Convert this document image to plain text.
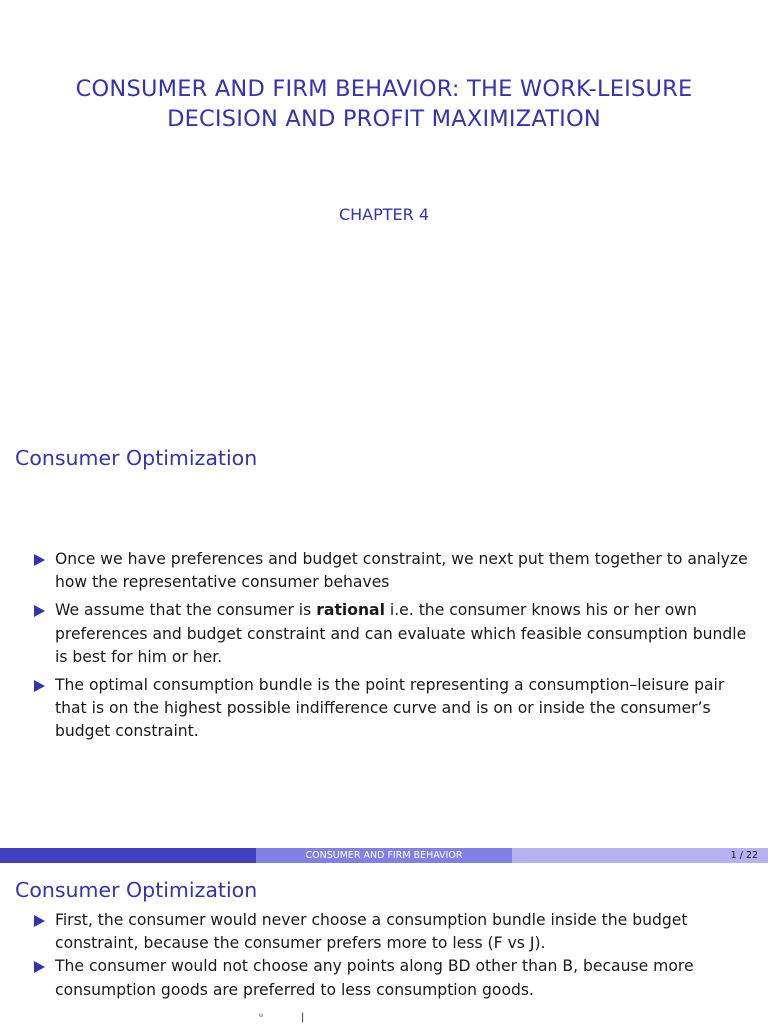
CONSUMER AND FIRM BEHAVIOR: THE WORK-LEISURE
DECISION AND PROFIT MAXIMIZATION
CHAPTER 4
Consumer Optimization
Once we have preferences and budget constraint, we next put them together to analyze how the representative consumer behaves
We assume that the consumer is rational i.e. the consumer knows his or her own preferences and budget constraint and can evaluate which feasible consumption bundle is best for him or her.
The optimal consumption bundle is the point representing a consumption–leisure pair that is on the highest possible indifference curve and is on or inside the consumer’s budget constraint.
CONSUMER AND FIRM BEHAVIOR	1 / 22
Consumer Optimization
First, the consumer would never choose a consumption bundle inside the budget constraint, because the consumer prefers more to less (F vs J).
The consumer would not choose any points along BD other than B, because more consumption goods are preferred to less consumption goods.
ᵘ	|
